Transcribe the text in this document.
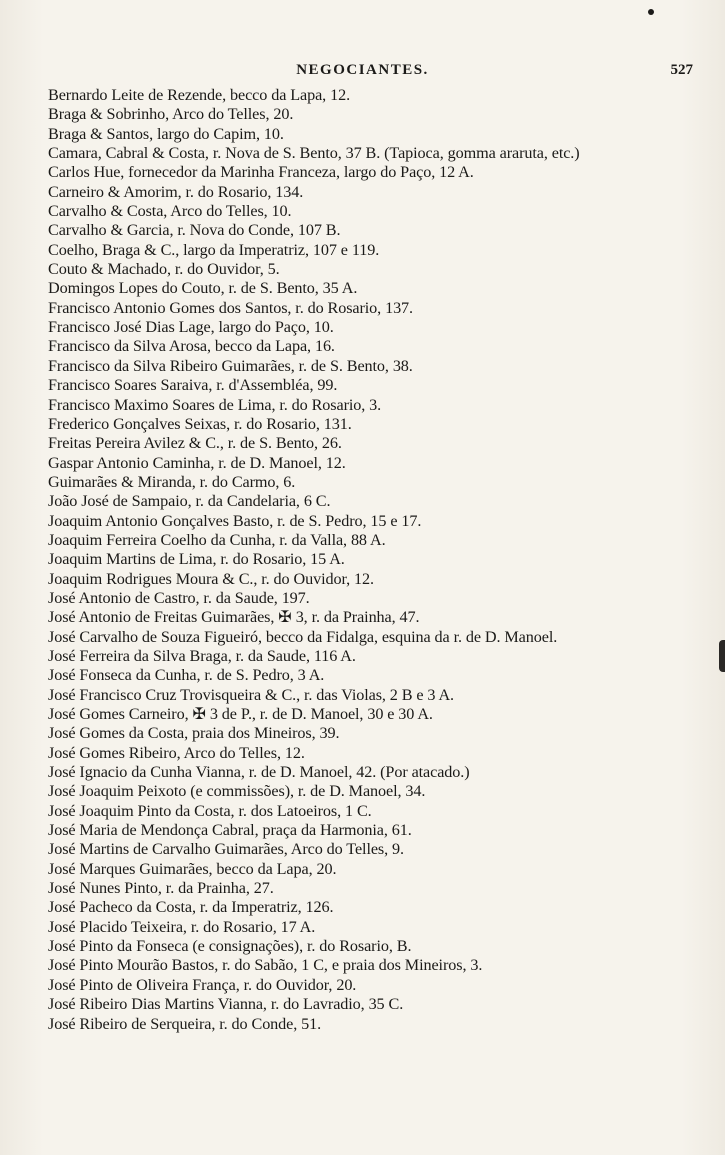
NEGOCIANTES.	527
Bernardo Leite de Rezende, becco da Lapa, 12.
Braga & Sobrinho, Arco do Telles, 20.
Braga & Santos, largo do Capim, 10.
Camara, Cabral & Costa, r. Nova de S. Bento, 37 B. (Tapioca, gomma araruta, etc.)
Carlos Hue, fornecedor da Marinha Franceza, largo do Paço, 12 A.
Carneiro & Amorim, r. do Rosario, 134.
Carvalho & Costa, Arco do Telles, 10.
Carvalho & Garcia, r. Nova do Conde, 107 B.
Coelho, Braga & C., largo da Imperatriz, 107 e 119.
Couto & Machado, r. do Ouvidor, 5.
Domingos Lopes do Couto, r. de S. Bento, 35 A.
Francisco Antonio Gomes dos Santos, r. do Rosario, 137.
Francisco José Dias Lage, largo do Paço, 10.
Francisco da Silva Arosa, becco da Lapa, 16.
Francisco da Silva Ribeiro Guimarães, r. de S. Bento, 38.
Francisco Soares Saraiva, r. d'Assembléa, 99.
Francisco Maximo Soares de Lima, r. do Rosario, 3.
Frederico Gonçalves Seixas, r. do Rosario, 131.
Freitas Pereira Avilez & C., r. de S. Bento, 26.
Gaspar Antonio Caminha, r. de D. Manoel, 12.
Guimarães & Miranda, r. do Carmo, 6.
João José de Sampaio, r. da Candelaria, 6 C.
Joaquim Antonio Gonçalves Basto, r. de S. Pedro, 15 e 17.
Joaquim Ferreira Coelho da Cunha, r. da Valla, 88 A.
Joaquim Martins de Lima, r. do Rosario, 15 A.
Joaquim Rodrigues Moura & C., r. do Ouvidor, 12.
José Antonio de Castro, r. da Saude, 197.
José Antonio de Freitas Guimarães, ✠ 3, r. da Prainha, 47.
José Carvalho de Souza Figueiró, becco da Fidalga, esquina da r. de D. Manoel.
José Ferreira da Silva Braga, r. da Saude, 116 A.
José Fonseca da Cunha, r. de S. Pedro, 3 A.
José Francisco Cruz Trovisqueira & C., r. das Violas, 2 B e 3 A.
José Gomes Carneiro, ✠ 3 de P., r. de D. Manoel, 30 e 30 A.
José Gomes da Costa, praia dos Mineiros, 39.
José Gomes Ribeiro, Arco do Telles, 12.
José Ignacio da Cunha Vianna, r. de D. Manoel, 42. (Por atacado.)
José Joaquim Peixoto (e commissões), r. de D. Manoel, 34.
José Joaquim Pinto da Costa, r. dos Latoeiros, 1 C.
José Maria de Mendonça Cabral, praça da Harmonia, 61.
José Martins de Carvalho Guimarães, Arco do Telles, 9.
José Marques Guimarães, becco da Lapa, 20.
José Nunes Pinto, r. da Prainha, 27.
José Pacheco da Costa, r. da Imperatriz, 126.
José Placido Teixeira, r. do Rosario, 17 A.
José Pinto da Fonseca (e consignações), r. do Rosario, B.
José Pinto Mourão Bastos, r. do Sabão, 1 C, e praia dos Mineiros, 3.
José Pinto de Oliveira França, r. do Ouvidor, 20.
José Ribeiro Dias Martins Vianna, r. do Lavradio, 35 C.
José Ribeiro de Serqueira, r. do Conde, 51.
